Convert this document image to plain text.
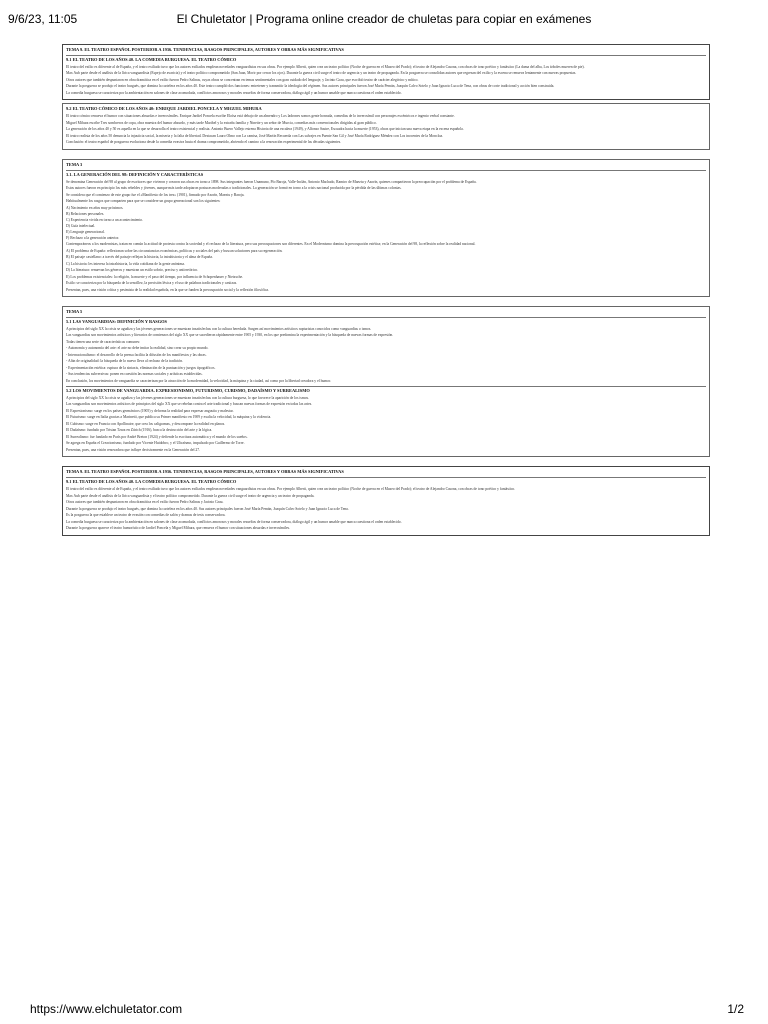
9/6/23, 11:05	El Chuletator | Programa online creador de chuletas para copiar en exámenes
TEMA 9. EL TEATRO ESPAÑOL POSTERIOR A 1936. TENDENCIAS, RASGOS PRINCIPALES, AUTORES Y OBRAS MÁS SIGNIFICATIVAS
9.1 EL TEATRO DE LOS AÑOS 40. LA COMEDIA BURGUESA. EL TEATRO CÓMICO

El teatro del exilio es diferente al de España, y el teatro exiliado tuvo que los autores exiliados emplean novedades vanguardistas en sus obras. Por ejemplo Alberti, quien crea un teatro político (Noche de guerra en el Museo del Prado); el teatro de Alejandro Casona, con obras de tono poético y fantástico (La dama del alba, Los árboles mueren de pie).

Max Aub parte desde el análisis de la lírica vanguardista (Espejo de avaricia) y el teatro político comprometido (San Juan, Morir por cerrar los ojos). Durante la guerra civil surge el teatro de urgencia y un teatro de propaganda. En la posguerra se consolidan autores que regresan del exilio y la escena se renueva lentamente con nuevas propuestas.

Otros autores que también despuntaron en obra dramática en el exilio fueron Pedro Salinas, cuyas obras se concentran en temas sentimentales con gran cuidado del lenguaje, y Jacinto Grau, que escribió teatro de carácter alegórico y mítico.

Durante la posguerra se produjo el teatro burgués, que domina la cartelera en los años 40. Este teatro cumplió dos funciones: entretener y transmitir la ideología del régimen. Sus autores principales fueron José María Pemán, Joaquín Calvo Sotelo y Juan Ignacio Luca de Tena, con obras de corte tradicional y acción bien construida.

La comedia burguesa se caracteriza por la ambientación en salones de clase acomodada, conflictos amorosos y morales resueltos de forma conservadora, diálogo ágil y un humor amable que nunca cuestiona el orden establecido.

9.2 EL TEATRO CÓMICO DE LOS AÑOS 40: ENRIQUE JARDIEL PONCELA Y MIGUEL MIHURA

El teatro cómico renueva el humor con situaciones absurdas e inverosímiles. Enrique Jardiel Poncela escribe Eloísa está debajo de un almendro y Los ladrones somos gente honrada, comedias de lo inverosímil con personajes excéntricos e ingenio verbal constante.

Miguel Mihura escribe Tres sombreros de copa, obra maestra del humor absurdo, y más tarde Maribel y la extraña familia y Ninette y un señor de Murcia, comedias más convencionales dirigidas al gran público.

La generación de los años 40 y 50 es aquella en la que se desarrolla el teatro existencial y realista. Antonio Buero Vallejo estrena Historia de una escalera (1949), y Alfonso Sastre, Escuadra hacia la muerte (1953), obras que inician una nueva etapa en la escena española.

El teatro realista de los años 50 denuncia la injusticia social, la miseria y la falta de libertad. Destacan Lauro Olmo con La camisa, José Martín Recuerda con Las salvajes en Puente San Gil y José María Rodríguez Méndez con Los inocentes de la Moncloa.

Conclusión: el teatro español de posguerra evoluciona desde la comedia evasiva hasta el drama comprometido, abriendo el camino a la renovación experimental de las décadas siguientes.

TEMA 3
3.1. LA GENERACIÓN DEL 98: DEFINICIÓN Y CARACTERÍSTICAS

Se denomina Generación del 98 al grupo de escritores que vivieron y crearon sus obras en torno a 1898. Sus integrantes fueron Unamuno, Pío Baroja, Valle-Inclán, Antonio Machado, Ramiro de Maeztu y Azorín, quienes compartieron la preocupación por el problema de España.

Estos autores fueron en principio los más rebeldes y jóvenes, aunque más tarde adoptaron posturas moderadas o tradicionales. La generación se formó en torno a la crisis nacional producida por la pérdida de las últimas colonias.

Se considera que el comienzo de este grupo fue el «Manifiesto de los tres» (1901), firmado por Azorín, Maeztu y Baroja.

Habitualmente los rasgos que comparten para que se considere un grupo generacional son los siguientes:

A) Nacimiento en años muy próximos.

B) Relaciones personales.

C) Experiencia vivida en torno a un acontecimiento.

D) Guía intelectual.

E) Lenguaje generacional.

F) Rechazo a la generación anterior.

Contemporáneos a los modernistas, tratan en común la actitud de protesta contra la sociedad y el rechazo de la literatura, pero sus preocupaciones son diferentes. En el Modernismo domina la preocupación estética; en la Generación del 98, la reflexión sobre la realidad nacional.

A) El problema de España: reflexionan sobre las circunstancias económicas, políticas y sociales del país y buscan soluciones para su regeneración.

B) El paisaje castellano: a través del paisaje reflejan la historia, la intrahistoria y el alma de España.

C) La historia: les interesa la intrahistoria, la vida cotidiana de la gente anónima.

D) La literatura: renuevan los géneros y muestran un estilo sobrio, preciso y antirretórico.

E) Los problemas existenciales: la religión, la muerte y el paso del tiempo, por influencia de Schopenhauer y Nietzsche.

Estilo: se caracteriza por la búsqueda de la sencillez, la precisión léxica y el uso de palabras tradicionales y castizas.

Presentan, pues, una visión crítica y pesimista de la realidad española, en la que se funden la preocupación social y la reflexión filosófica.

TEMA 5
5.1 LAS VANGUARDIAS: DEFINICIÓN Y RASGOS

A principios del siglo XX la crisis se agudiza y las jóvenes generaciones se muestran insatisfechas con la cultura heredada. Surgen así movimientos artísticos rupturistas conocidos como vanguardias o ismos.

Las vanguardias son movimientos artísticos y literarios de comienzos del siglo XX que se sucedieron rápidamente entre 1905 y 1930, en los que predomina la experimentación y la búsqueda de nuevas formas de expresión.

Todas tienen una serie de características comunes:

- Autonomía y autonomía del arte: el arte no debe imitar la realidad, sino crear su propio mundo.

- Internacionalismo: el desarrollo de la prensa facilita la difusión de los manifiestos y las obras.

- Afán de originalidad: la búsqueda de lo nuevo lleva al rechazo de la tradición.

- Experimentación estética: ruptura de la sintaxis, eliminación de la puntuación y juegos tipográficos.

- Sus tendencias subversivas: ponen en cuestión las normas sociales y artísticas establecidas.

En conclusión, los movimientos de vanguardia se caracterizan por la atracción de la modernidad, la velocidad, la máquina y la ciudad, así como por la libertad creadora y el humor.

5.2 LOS MOVIMIENTOS DE VANGUARDIA. EXPRESIONISMO, FUTURISMO, CUBISMO, DADAÍSMO Y SURREALISMO

A principios del siglo XX la crisis se agudiza y las jóvenes generaciones se muestran insatisfechas con la cultura burguesa, lo que favorece la aparición de los ismos.

Las vanguardias son movimientos artísticos de principios del siglo XX que se rebelan contra el arte tradicional y buscan nuevas formas de expresión en todas las artes.

El Expresionismo: surge en los países germánicos (1905) y deforma la realidad para expresar angustia y malestar.

El Futurismo: surge en Italia gracias a Marinetti, que publica su Primer manifiesto en 1909 y exalta la velocidad, la máquina y la violencia.

El Cubismo: surge en Francia con Apollinaire, que crea los caligramas, y descompone la realidad en planos.

El Dadaísmo: fundado por Tristan Tzara en Zúrich (1916), busca la destrucción del arte y la lógica.

El Surrealismo: fue fundado en París por André Breton (1924) y defiende la escritura automática y el mundo de los sueños.

Se agrega en España el Creacionismo, fundado por Vicente Huidobro, y el Ultraísmo, impulsado por Guillermo de Torre.

Presentan, pues, una visión renovadora que influye decisivamente en la Generación del 27.

TEMA 9. EL TEATRO ESPAÑOL POSTERIOR A 1936. TENDENCIAS, RASGOS PRINCIPALES, AUTORES Y OBRAS MÁS SIGNIFICATIVAS
9.1 EL TEATRO DE LOS AÑOS 40. LA COMEDIA BURGUESA. EL TEATRO CÓMICO

El teatro del exilio es diferente al de España, y el teatro exiliado tuvo que los autores exiliados emplean novedades vanguardistas en sus obras. Por ejemplo Alberti, quien crea un teatro político (Noche de guerra en el Museo del Prado); el teatro de Alejandro Casona, con obras de tono poético y fantástico.

Max Aub parte desde el análisis de la lírica vanguardista y el teatro político comprometido. Durante la guerra civil surge el teatro de urgencia y un teatro de propaganda.

Otros autores que también despuntaron en obra dramática en el exilio fueron Pedro Salinas y Jacinto Grau.

Durante la posguerra se produjo el teatro burgués, que domina la cartelera en los años 40. Sus autores principales fueron José María Pemán, Joaquín Calvo Sotelo y Juan Ignacio Luca de Tena.

Es la posguerra la que establece un teatro de evasión con comedias de salón y dramas de tesis conservadora.

La comedia burguesa se caracteriza por la ambientación en salones de clase acomodada, conflictos amorosos y morales resueltos de forma conservadora, diálogo ágil y un humor amable que nunca cuestiona el orden establecido.

Durante la posguerra aparece el teatro humorístico de Jardiel Poncela y Miguel Mihura, que renueva el humor con situaciones absurdas e inverosímiles.

https://www.elchuletator.com	1/2
